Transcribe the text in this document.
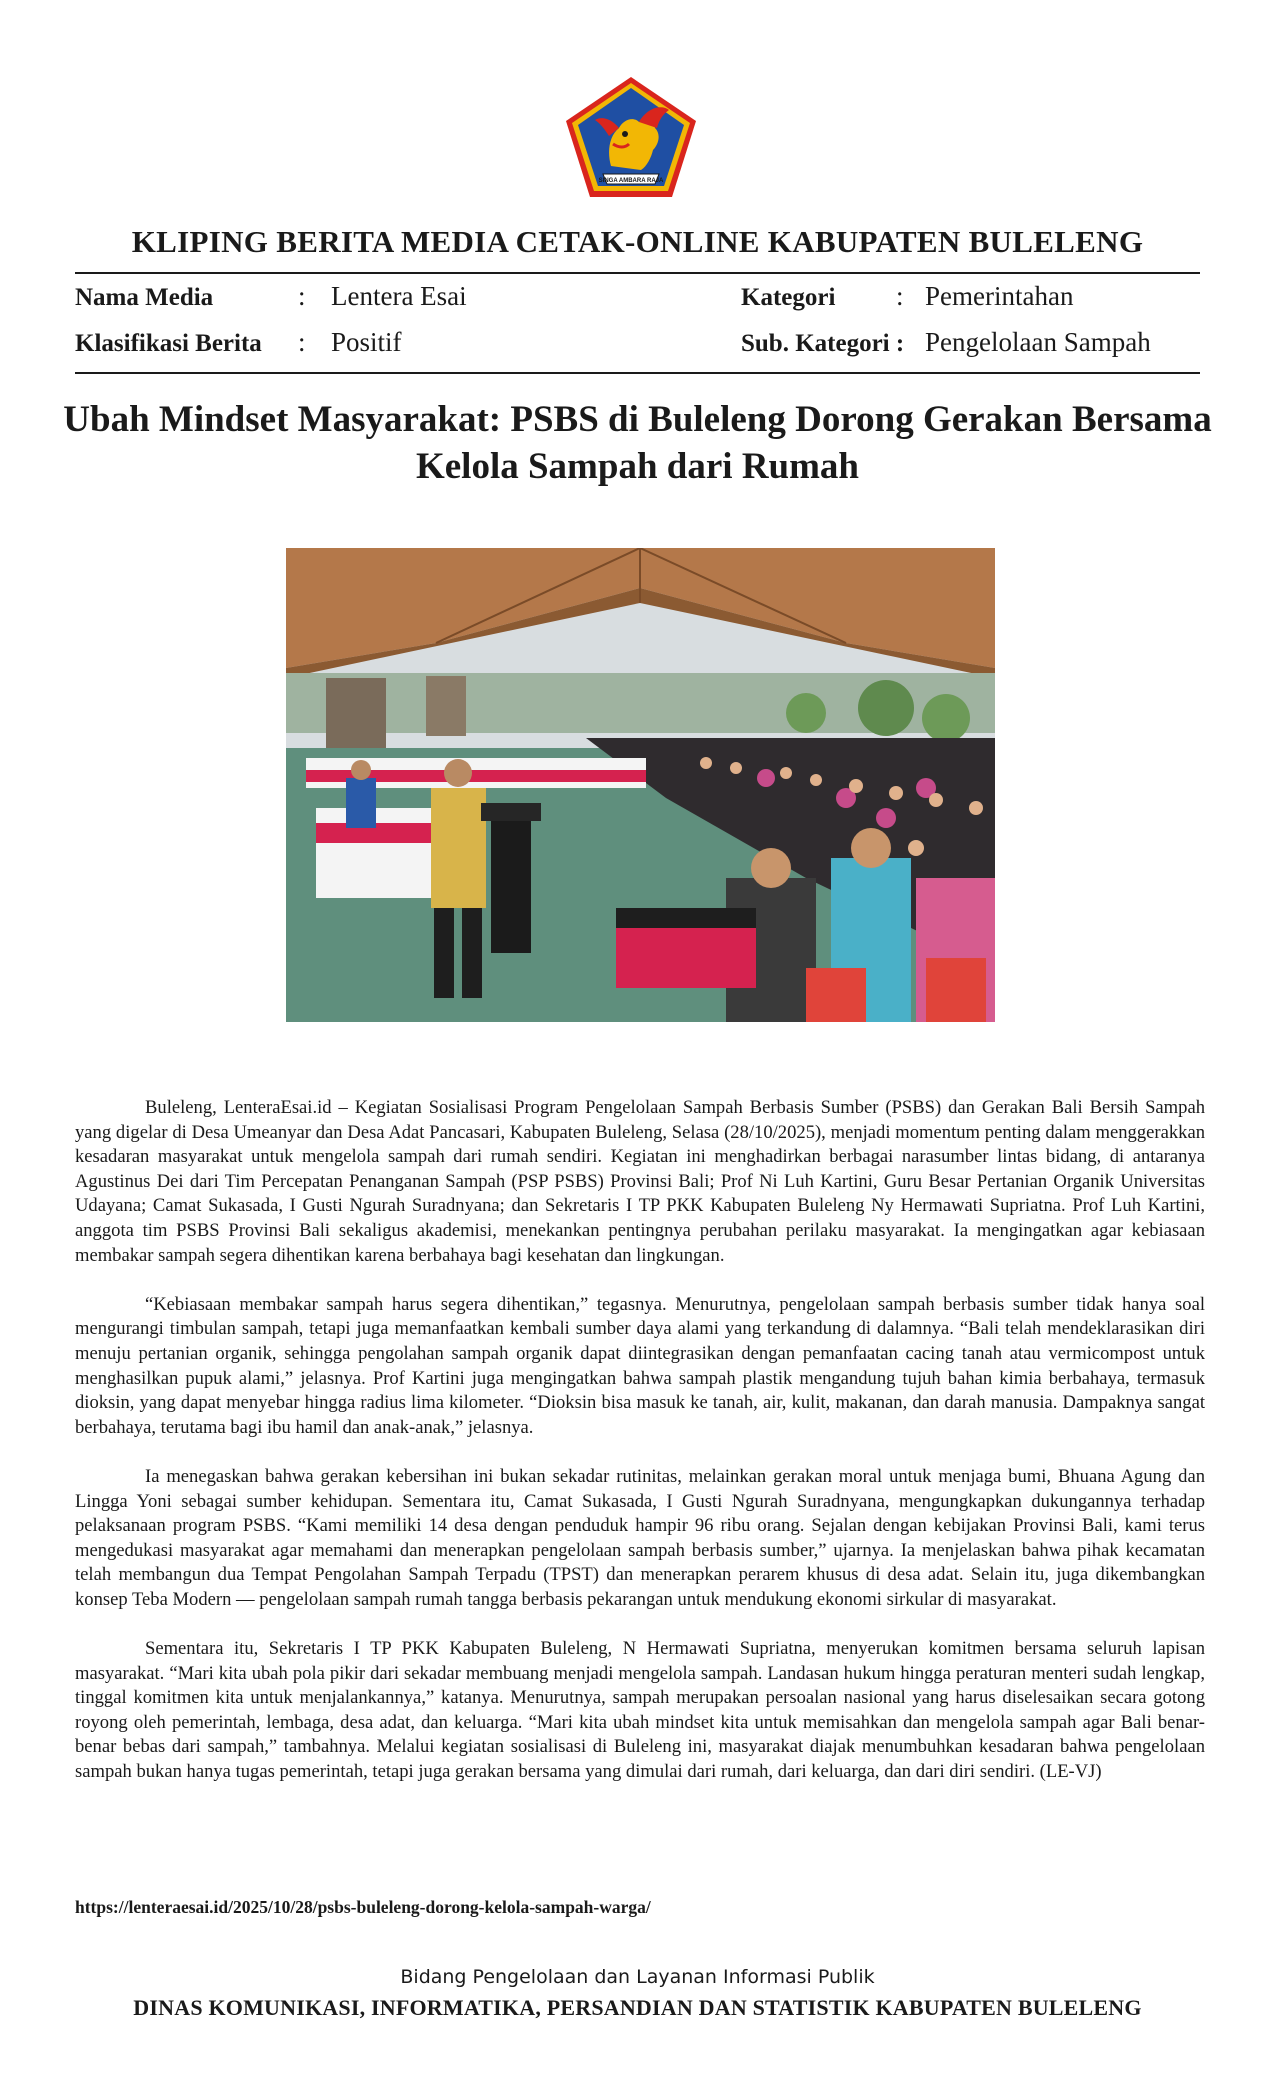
SINGA AMBARA RAJA
KLIPING BERITA MEDIA CETAK-ONLINE KABUPATEN BULELENG
Nama Media	: Lentera Esai
Klasifikasi Berita : Positif
Kategori : Pemerintahan
Sub. Kategori : Pengelolaan Sampah
Ubah Mindset Masyarakat: PSBS di Buleleng Dorong Gerakan Bersama Kelola Sampah dari Rumah

Buleleng, LenteraEsai.id – Kegiatan Sosialisasi Program Pengelolaan Sampah Berbasis Sumber (PSBS) dan Gerakan Bali Bersih Sampah yang digelar di Desa Umeanyar dan Desa Adat Pancasari, Kabupaten Buleleng, Selasa (28/10/2025), menjadi momentum penting dalam menggerakkan kesadaran masyarakat untuk mengelola sampah dari rumah sendiri. Kegiatan ini menghadirkan berbagai narasumber lintas bidang, di antaranya Agustinus Dei dari Tim Percepatan Penanganan Sampah (PSP PSBS) Provinsi Bali; Prof Ni Luh Kartini, Guru Besar Pertanian Organik Universitas Udayana; Camat Sukasada, I Gusti Ngurah Suradnyana; dan Sekretaris I TP PKK Kabupaten Buleleng Ny Hermawati Supriatna. Prof Luh Kartini, anggota tim PSBS Provinsi Bali sekaligus akademisi, menekankan pentingnya perubahan perilaku masyarakat. Ia mengingatkan agar kebiasaan membakar sampah segera dihentikan karena berbahaya bagi kesehatan dan lingkungan.

“Kebiasaan membakar sampah harus segera dihentikan,” tegasnya. Menurutnya, pengelolaan sampah berbasis sumber tidak hanya soal mengurangi timbulan sampah, tetapi juga memanfaatkan kembali sumber daya alami yang terkandung di dalamnya. “Bali telah mendeklarasikan diri menuju pertanian organik, sehingga pengolahan sampah organik dapat diintegrasikan dengan pemanfaatan cacing tanah atau vermicompost untuk menghasilkan pupuk alami,” jelasnya. Prof Kartini juga mengingatkan bahwa sampah plastik mengandung tujuh bahan kimia berbahaya, termasuk dioksin, yang dapat menyebar hingga radius lima kilometer. “Dioksin bisa masuk ke tanah, air, kulit, makanan, dan darah manusia. Dampaknya sangat berbahaya, terutama bagi ibu hamil dan anak-anak,” jelasnya.

Ia menegaskan bahwa gerakan kebersihan ini bukan sekadar rutinitas, melainkan gerakan moral untuk menjaga bumi, Bhuana Agung dan Lingga Yoni sebagai sumber kehidupan. Sementara itu, Camat Sukasada, I Gusti Ngurah Suradnyana, mengungkapkan dukungannya terhadap pelaksanaan program PSBS. “Kami memiliki 14 desa dengan penduduk hampir 96 ribu orang. Sejalan dengan kebijakan Provinsi Bali, kami terus mengedukasi masyarakat agar memahami dan menerapkan pengelolaan sampah berbasis sumber,” ujarnya. Ia menjelaskan bahwa pihak kecamatan telah membangun dua Tempat Pengolahan Sampah Terpadu (TPST) dan menerapkan perarem khusus di desa adat. Selain itu, juga dikembangkan konsep Teba Modern — pengelolaan sampah rumah tangga berbasis pekarangan untuk mendukung ekonomi sirkular di masyarakat.

Sementara itu, Sekretaris I TP PKK Kabupaten Buleleng, N Hermawati Supriatna, menyerukan komitmen bersama seluruh lapisan masyarakat. “Mari kita ubah pola pikir dari sekadar membuang menjadi mengelola sampah. Landasan hukum hingga peraturan menteri sudah lengkap, tinggal komitmen kita untuk menjalankannya,” katanya. Menurutnya, sampah merupakan persoalan nasional yang harus diselesaikan secara gotong royong oleh pemerintah, lembaga, desa adat, dan keluarga. “Mari kita ubah mindset kita untuk memisahkan dan mengelola sampah agar Bali benar-benar bebas dari sampah,” tambahnya. Melalui kegiatan sosialisasi di Buleleng ini, masyarakat diajak menumbuhkan kesadaran bahwa pengelolaan sampah bukan hanya tugas pemerintah, tetapi juga gerakan bersama yang dimulai dari rumah, dari keluarga, dan dari diri sendiri. (LE-VJ)

https://lenteraesai.id/2025/10/28/psbs-buleleng-dorong-kelola-sampah-warga/
Bidang Pengelolaan dan Layanan Informasi Publik
DINAS KOMUNIKASI, INFORMATIKA, PERSANDIAN DAN STATISTIK KABUPATEN BULELENG
